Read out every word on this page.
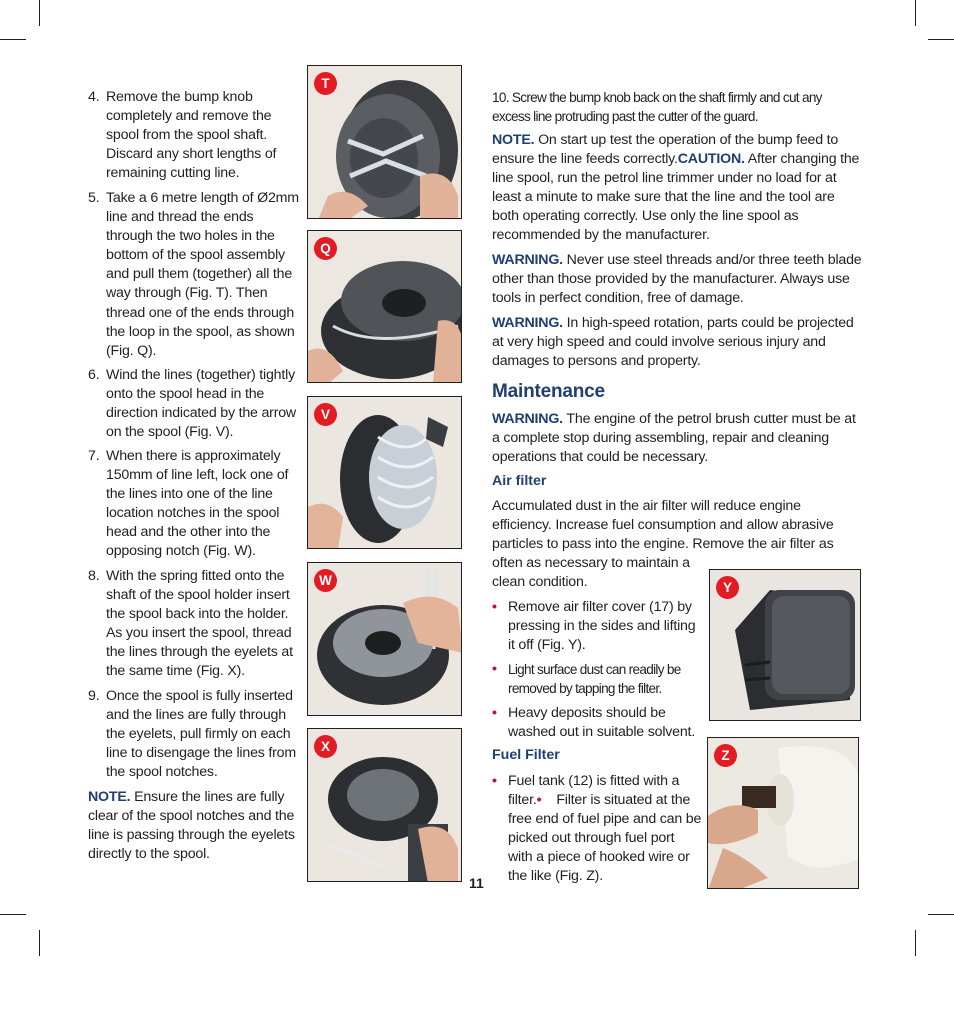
4. Remove the bump knob completely and remove the spool from the spool shaft. Discard any short lengths of remaining cutting line.
5. Take a 6 metre length of Ø2mm line and thread the ends through the two holes in the bottom of the spool assembly and pull them (together) all the way through (Fig. T). Then thread one of the ends through the loop in the spool, as shown (Fig. Q).
6. Wind the lines (together) tightly onto the spool head in the direction indicated by the arrow on the spool (Fig. V).
7. When there is approximately 150mm of line left, lock one of the lines into one of the line location notches in the spool head and the other into the opposing notch (Fig. W).
8. With the spring fitted onto the shaft of the spool holder insert the spool back into the holder. As you insert the spool, thread the lines through the eyelets at the same time (Fig. X).
9. Once the spool is fully inserted and the lines are fully through the eyelets, pull firmly on each line to disengage the lines from the spool notches.
NOTE. Ensure the lines are fully clear of the spool notches and the line is passing through the eyelets directly to the spool.
T
Q
V
W
X
10. Screw the bump knob back on the shaft firmly and cut any excess line protruding past the cutter of the guard.
NOTE. On start up test the operation of the bump feed to ensure the line feeds correctly.CAUTION. After changing the line spool, run the petrol line trimmer under no load for at least a minute to make sure that the line and the tool are both operating correctly. Use only the line spool as recommended by the manufacturer.
WARNING. Never use steel threads and/or three teeth blade other than those provided by the manufacturer. Always use tools in perfect condition, free of damage.
WARNING. In high-speed rotation, parts could be projected at very high speed and could involve serious injury and damages to persons and property.
Maintenance
WARNING. The engine of the petrol brush cutter must be at a complete stop during assembling, repair and cleaning operations that could be necessary.
Air filter
Accumulated dust in the air filter will reduce engine
efficiency. Increase fuel consumption and allow abrasive
particles to pass into the engine. Remove the air filter as
often as necessary to maintain a
clean condition.
• Remove air filter cover (17) by pressing in the sides and lifting it off (Fig. Y).
• Light surface dust can readily be removed by tapping the filter.
• Heavy deposits should be washed out in suitable solvent.
Fuel Filter
• Fuel tank (12) is fitted with a filter.• Filter is situated at the free end of fuel pipe and can be picked out through fuel port with a piece of hooked wire or the like (Fig. Z).
Y
Z
11
